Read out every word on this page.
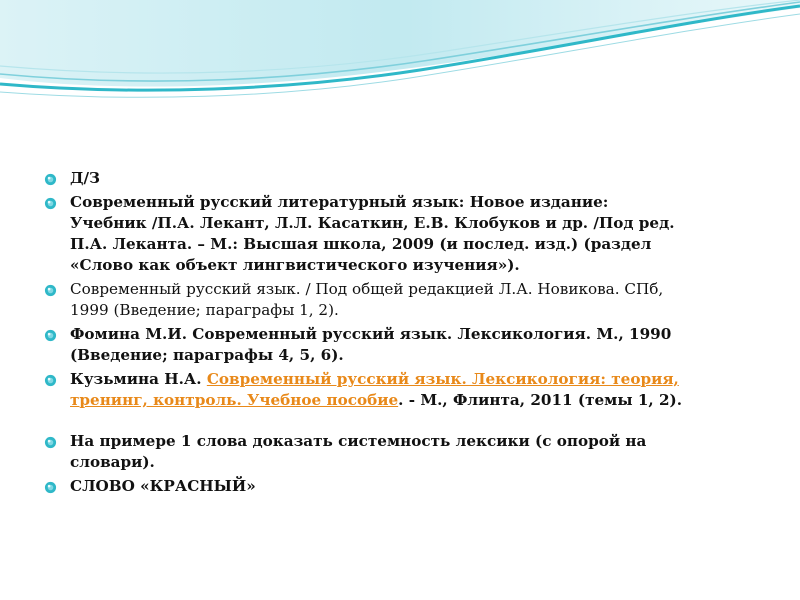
Д/З
Современный русский литературный язык: Новое издание:
Учебник /П.А. Лекант, Л.Л. Касаткин, Е.В. Клобуков и др. /Под ред.
П.А. Леканта. – М.: Высшая школа, 2009 (и послед. изд.) (раздел
«Слово как объект лингвистического изучения»).
Современный русский язык. / Под общей редакцией Л.А. Новикова. СПб,
1999 (Введение; параграфы 1, 2).
Фомина М.И. Современный русский язык. Лексикология. М., 1990
(Введение; параграфы 4, 5, 6).
Кузьмина Н.А. Современный русский язык. Лексикология: теория,
тренинг, контроль. Учебное пособие. - М., Флинта, 2011 (темы 1, 2).
На примере 1 слова доказать системность лексики (с опорой на
словари).
СЛОВО «КРАСНЫЙ»
